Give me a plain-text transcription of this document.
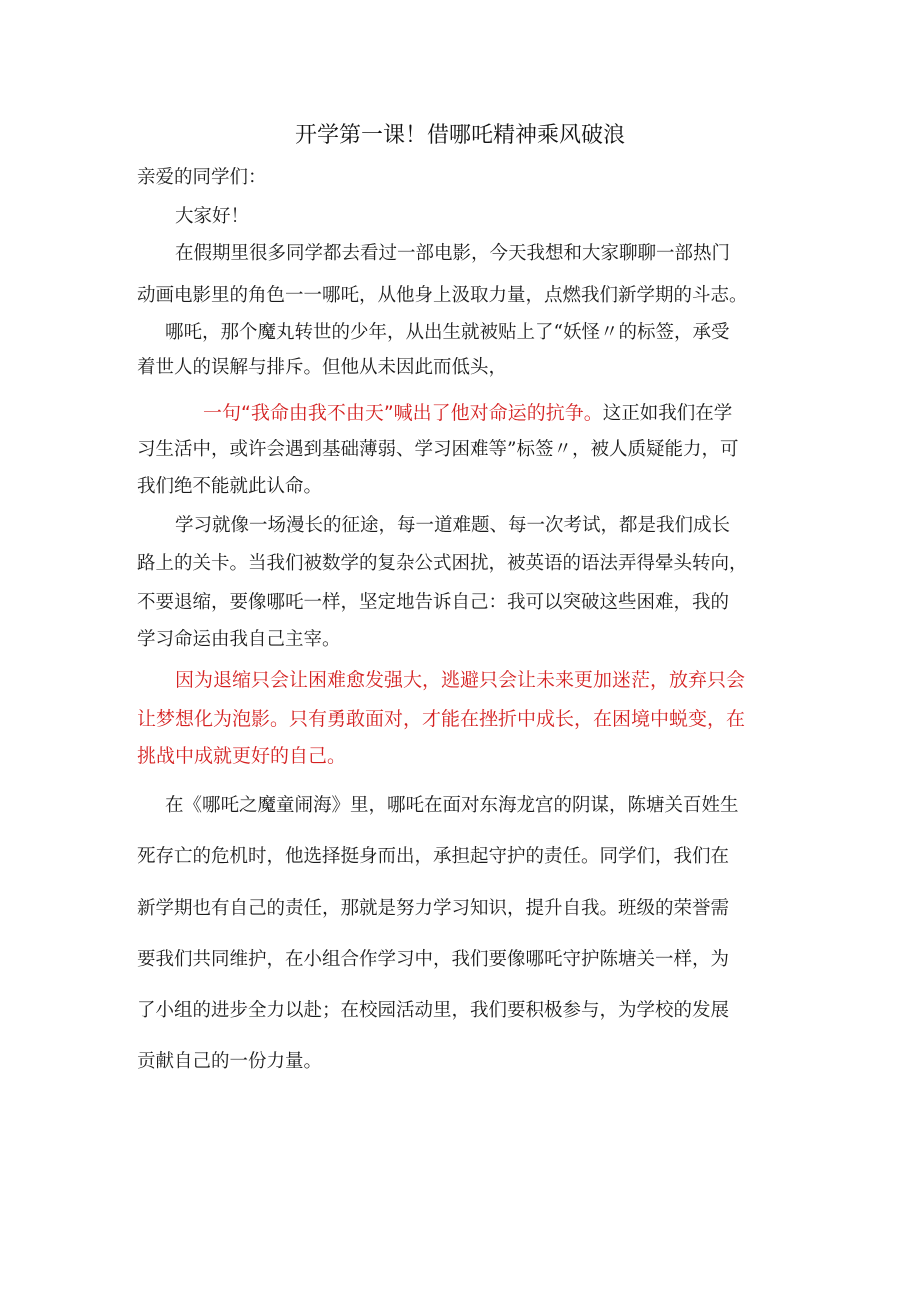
开学第一课！借哪吒精神乘风破浪
亲爱的同学们：
大家好！
在假期里很多同学都去看过一部电影，今天我想和大家聊聊一部热门
动画电影里的角色一一哪吒，从他身上汲取力量，点燃我们新学期的斗志。
哪吒，那个魔丸转世的少年，从出生就被贴上了“妖怪〃的标签，承受
着世人的误解与排斥。但他从未因此而低头，
一句“我命由我不由天”喊出了他对命运的抗争。这正如我们在学
习生活中，或许会遇到基础薄弱、学习困难等”标签〃，被人质疑能力，可
我们绝不能就此认命。
学习就像一场漫长的征途，每一道难题、每一次考试，都是我们成长
路上的关卡。当我们被数学的复杂公式困扰，被英语的语法弄得晕头转向，
不要退缩，要像哪吒一样，坚定地告诉自己：我可以突破这些困难，我的
学习命运由我自己主宰。
因为退缩只会让困难愈发强大，逃避只会让未来更加迷茫，放弃只会
让梦想化为泡影。只有勇敢面对，才能在挫折中成长，在困境中蜕变，在
挑战中成就更好的自己。
在《哪吒之魔童闹海》里，哪吒在面对东海龙宫的阴谋，陈塘关百姓生
死存亡的危机时，他选择挺身而出，承担起守护的责任。同学们，我们在
新学期也有自己的责任，那就是努力学习知识，提升自我。班级的荣誉需
要我们共同维护，在小组合作学习中，我们要像哪吒守护陈塘关一样，为
了小组的进步全力以赴；在校园活动里，我们要积极参与，为学校的发展
贡献自己的一份力量。
